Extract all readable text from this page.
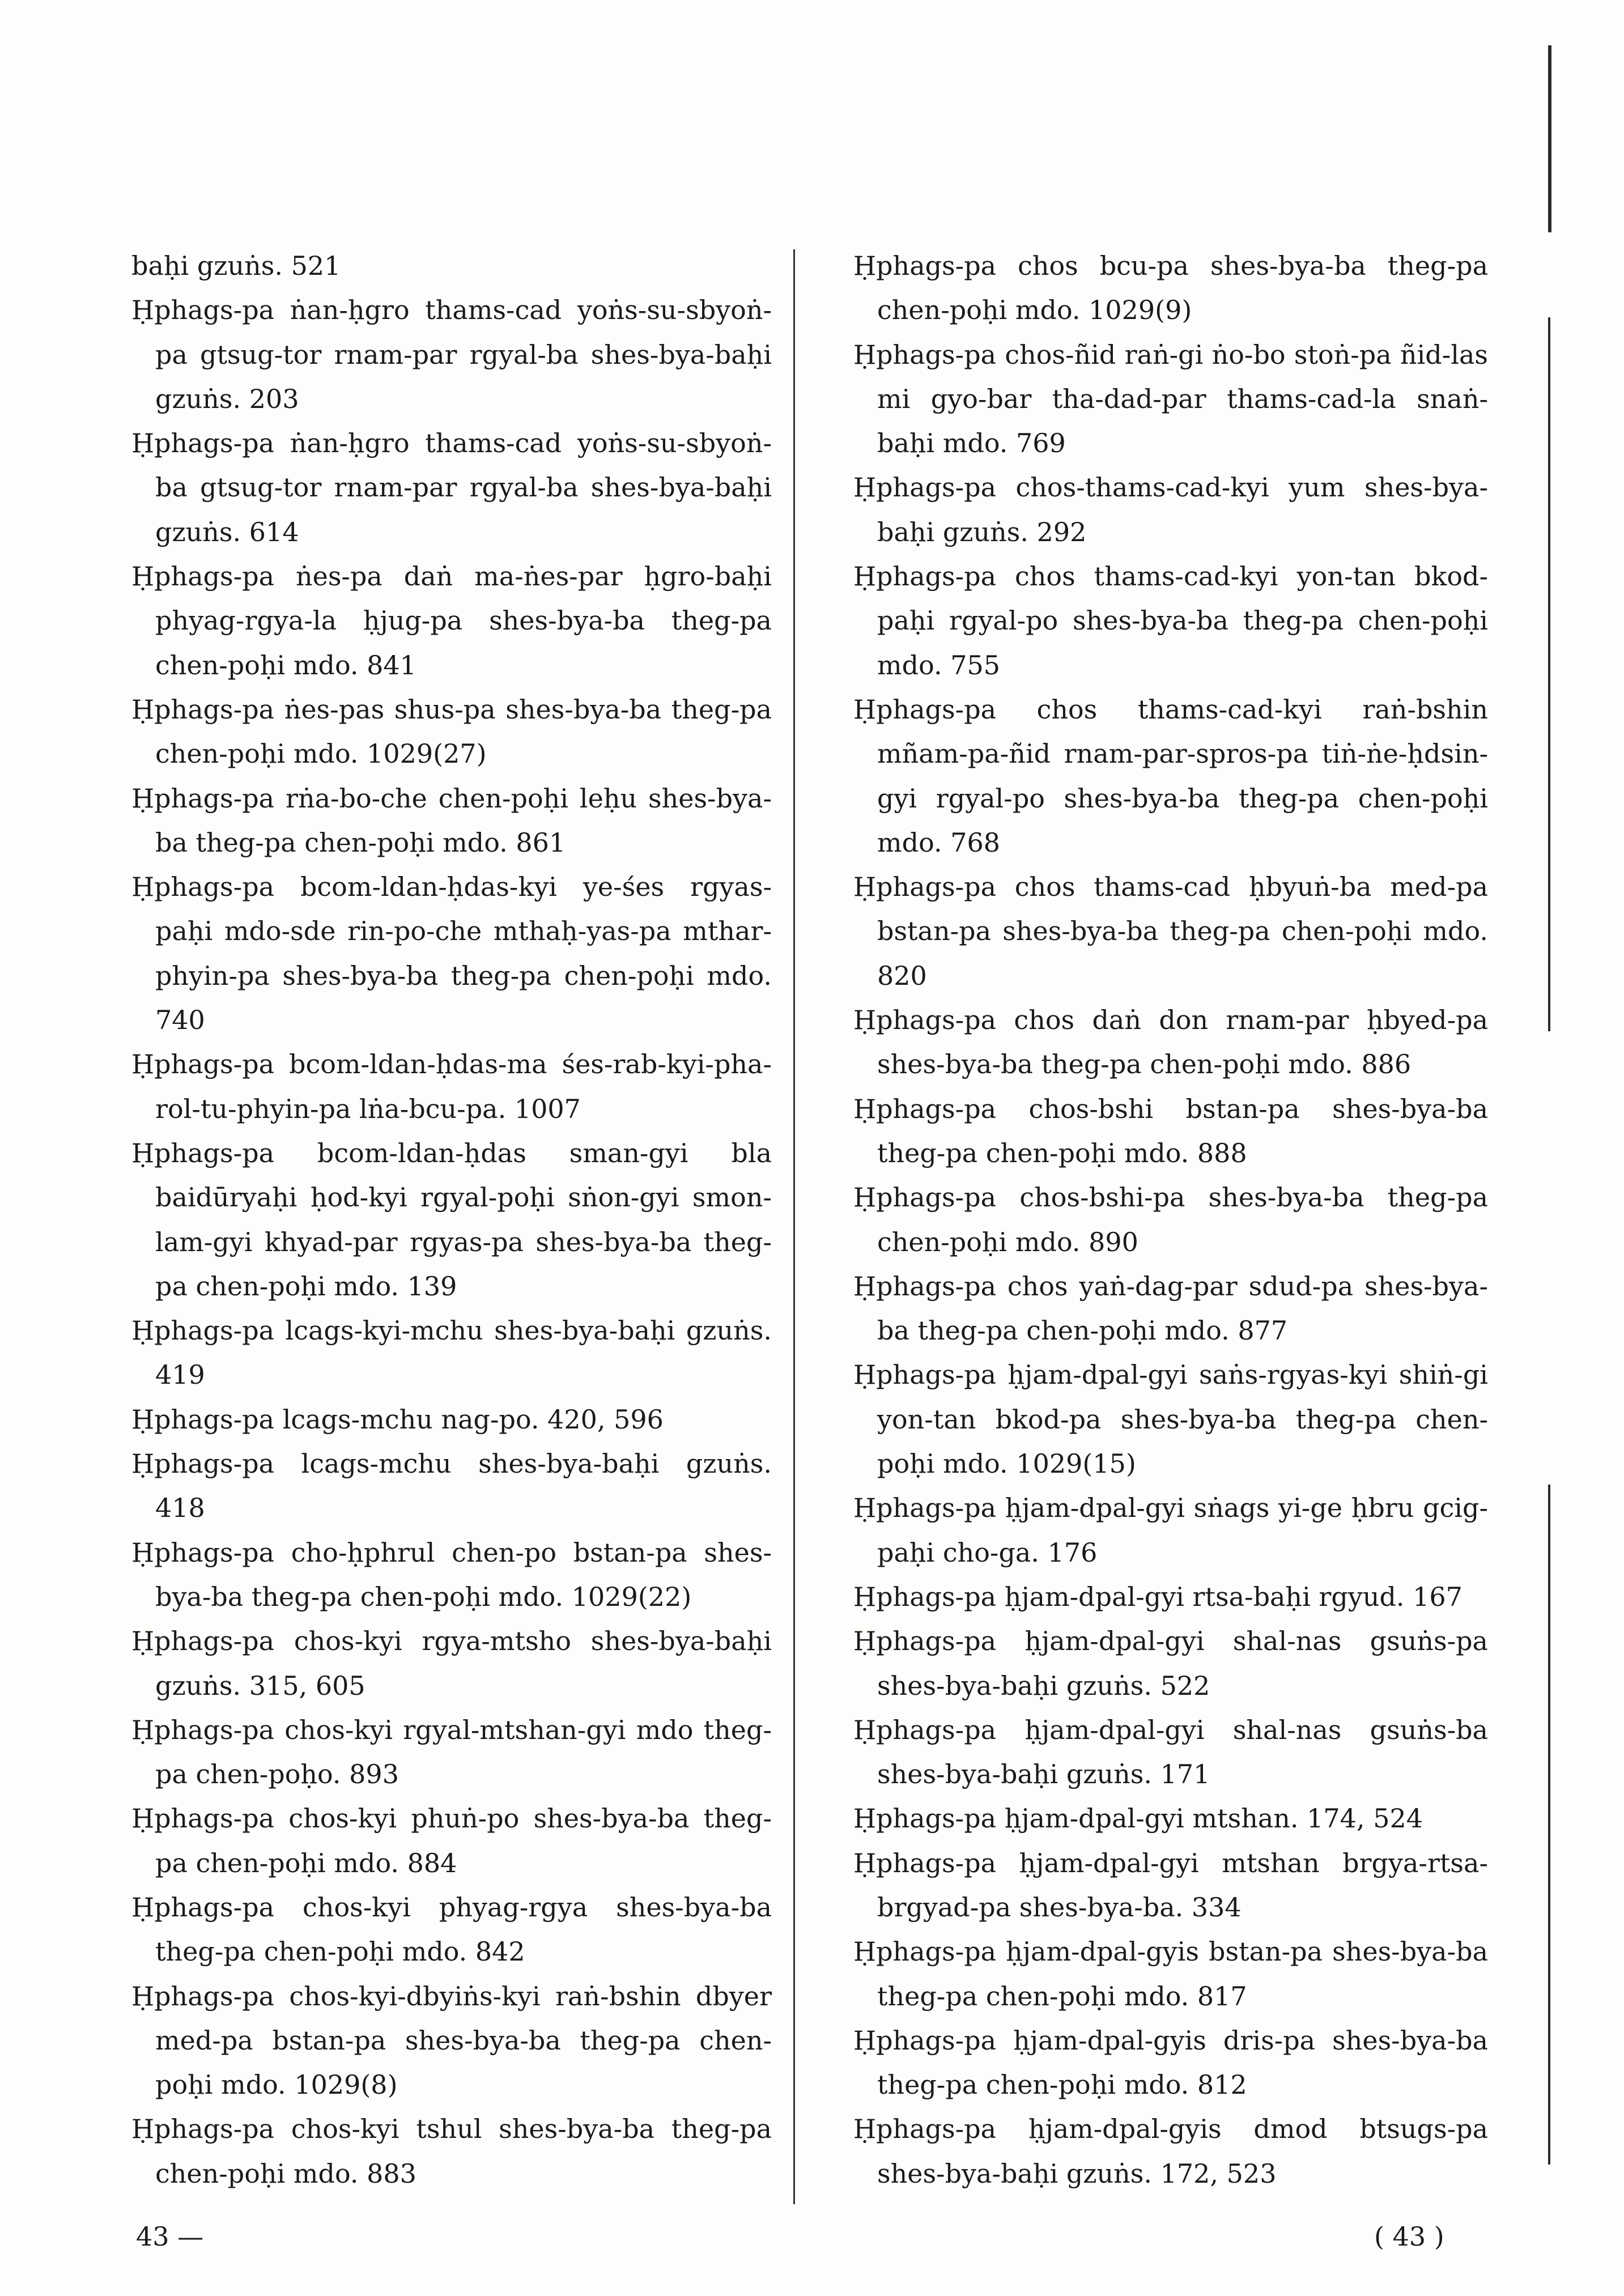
baḥi gzuṅs. 521

Ḥphags-pa ṅan-ḥgro thams-cad yoṅs-su-sbyoṅ-pa gtsug-tor rnam-par rgyal-ba shes-bya-baḥi gzuṅs. 203

Ḥphags-pa ṅan-ḥgro thams-cad yoṅs-su-sbyoṅ-ba gtsug-tor rnam-par rgyal-ba shes-bya-baḥi gzuṅs. 614

Ḥphags-pa ṅes-pa daṅ ma-ṅes-par ḥgro-baḥi phyag-rgya-la ḥjug-pa shes-bya-ba theg-pa chen-poḥi mdo. 841

Ḥphags-pa ṅes-pas shus-pa shes-bya-ba theg-pa chen-poḥi mdo. 1029(27)

Ḥphags-pa rṅa-bo-che chen-poḥi leḥu shes-bya-ba theg-pa chen-poḥi mdo. 861

Ḥphags-pa bcom-ldan-ḥdas-kyi ye-śes rgyas-paḥi mdo-sde rin-po-che mthaḥ-yas-pa mthar-phyin-pa shes-bya-ba theg-pa chen-poḥi mdo. 740

Ḥphags-pa bcom-ldan-ḥdas-ma śes-rab-kyi-pha-rol-tu-phyin-pa lṅa-bcu-pa. 1007

Ḥphags-pa bcom-ldan-ḥdas sman-gyi bla baidūryaḥi ḥod-kyi rgyal-poḥi sṅon-gyi smon-lam-gyi khyad-par rgyas-pa shes-bya-ba theg-pa chen-poḥi mdo. 139

Ḥphags-pa lcags-kyi-mchu shes-bya-baḥi gzuṅs. 419

Ḥphags-pa lcags-mchu nag-po. 420, 596

Ḥphags-pa lcags-mchu shes-bya-baḥi gzuṅs. 418

Ḥphags-pa cho-ḥphrul chen-po bstan-pa shes-bya-ba theg-pa chen-poḥi mdo. 1029(22)

Ḥphags-pa chos-kyi rgya-mtsho shes-bya-baḥi gzuṅs. 315, 605

Ḥphags-pa chos-kyi rgyal-mtshan-gyi mdo theg-pa chen-poḥo. 893

Ḥphags-pa chos-kyi phuṅ-po shes-bya-ba theg-pa chen-poḥi mdo. 884

Ḥphags-pa chos-kyi phyag-rgya shes-bya-ba theg-pa chen-poḥi mdo. 842

Ḥphags-pa chos-kyi-dbyiṅs-kyi raṅ-bshin dbyer med-pa bstan-pa shes-bya-ba theg-pa chen-poḥi mdo. 1029(8)

Ḥphags-pa chos-kyi tshul shes-bya-ba theg-pa chen-poḥi mdo. 883

Ḥphags-pa chos bcu-pa shes-bya-ba theg-pa chen-poḥi mdo. 1029(9)

Ḥphags-pa chos-ñid raṅ-gi ṅo-bo stoṅ-pa ñid-las mi gyo-bar tha-dad-par thams-cad-la snaṅ-baḥi mdo. 769

Ḥphags-pa chos-thams-cad-kyi yum shes-bya-baḥi gzuṅs. 292

Ḥphags-pa chos thams-cad-kyi yon-tan bkod-paḥi rgyal-po shes-bya-ba theg-pa chen-poḥi mdo. 755

Ḥphags-pa chos thams-cad-kyi raṅ-bshin mñam-pa-ñid rnam-par-spros-pa tiṅ-ṅe-ḥdsin-gyi rgyal-po shes-bya-ba theg-pa chen-poḥi mdo. 768

Ḥphags-pa chos thams-cad ḥbyuṅ-ba med-pa bstan-pa shes-bya-ba theg-pa chen-poḥi mdo. 820

Ḥphags-pa chos daṅ don rnam-par ḥbyed-pa shes-bya-ba theg-pa chen-poḥi mdo. 886

Ḥphags-pa chos-bshi bstan-pa shes-bya-ba theg-pa chen-poḥi mdo. 888

Ḥphags-pa chos-bshi-pa shes-bya-ba theg-pa chen-poḥi mdo. 890

Ḥphags-pa chos yaṅ-dag-par sdud-pa shes-bya-ba theg-pa chen-poḥi mdo. 877

Ḥphags-pa ḥjam-dpal-gyi saṅs-rgyas-kyi shiṅ-gi yon-tan bkod-pa shes-bya-ba theg-pa chen-poḥi mdo. 1029(15)

Ḥphags-pa ḥjam-dpal-gyi sṅags yi-ge ḥbru gcig-paḥi cho-ga. 176

Ḥphags-pa ḥjam-dpal-gyi rtsa-baḥi rgyud. 167

Ḥphags-pa ḥjam-dpal-gyi shal-nas gsuṅs-pa shes-bya-baḥi gzuṅs. 522

Ḥphags-pa ḥjam-dpal-gyi shal-nas gsuṅs-ba shes-bya-baḥi gzuṅs. 171

Ḥphags-pa ḥjam-dpal-gyi mtshan. 174, 524

Ḥphags-pa ḥjam-dpal-gyi mtshan brgya-rtsa-brgyad-pa shes-bya-ba. 334

Ḥphags-pa ḥjam-dpal-gyis bstan-pa shes-bya-ba theg-pa chen-poḥi mdo. 817

Ḥphags-pa ḥjam-dpal-gyis dris-pa shes-bya-ba theg-pa chen-poḥi mdo. 812

Ḥphags-pa ḥjam-dpal-gyis dmod btsugs-pa shes-bya-baḥi gzuṅs. 172, 523

43 —	( 43 )
